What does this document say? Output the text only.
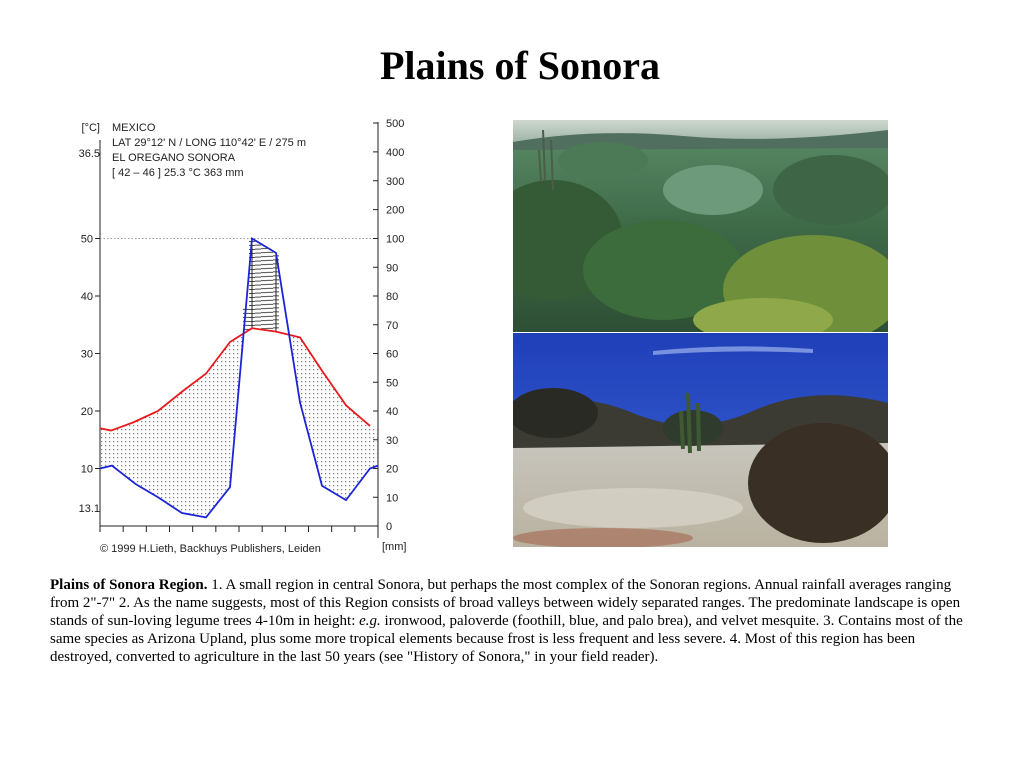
Plains of Sonora
[°C]
36.5
MEXICO
LAT 29°12' N / LONG 110°42' E / 275 m
EL OREGANO SONORA
[ 42 – 46 ] 25.3 °C 363 mm
13.1
© 1999 H.Lieth, Backhuys Publishers, Leiden	[mm]
10
20
30
40
50
0
10
20
30
40
50
60
70
80
90
100
200
300
400
500
Plains of Sonora Region. 1. A small region in central Sonora, but perhaps the most complex of the Sonoran regions. Annual rainfall averages ranging from 2"-7" 2. As the name suggests, most of this Region consists of broad valleys between widely separated ranges. The predominate landscape is open stands of sun-loving legume trees 4-10m in height: e.g. ironwood, paloverde (foothill, blue, and palo brea), and velvet mesquite. 3. Contains most of the same species as Arizona Upland, plus some more tropical elements because frost is less frequent and less severe. 4. Most of this region has been destroyed, converted to agriculture in the last 50 years (see "History of Sonora," in your field reader).
